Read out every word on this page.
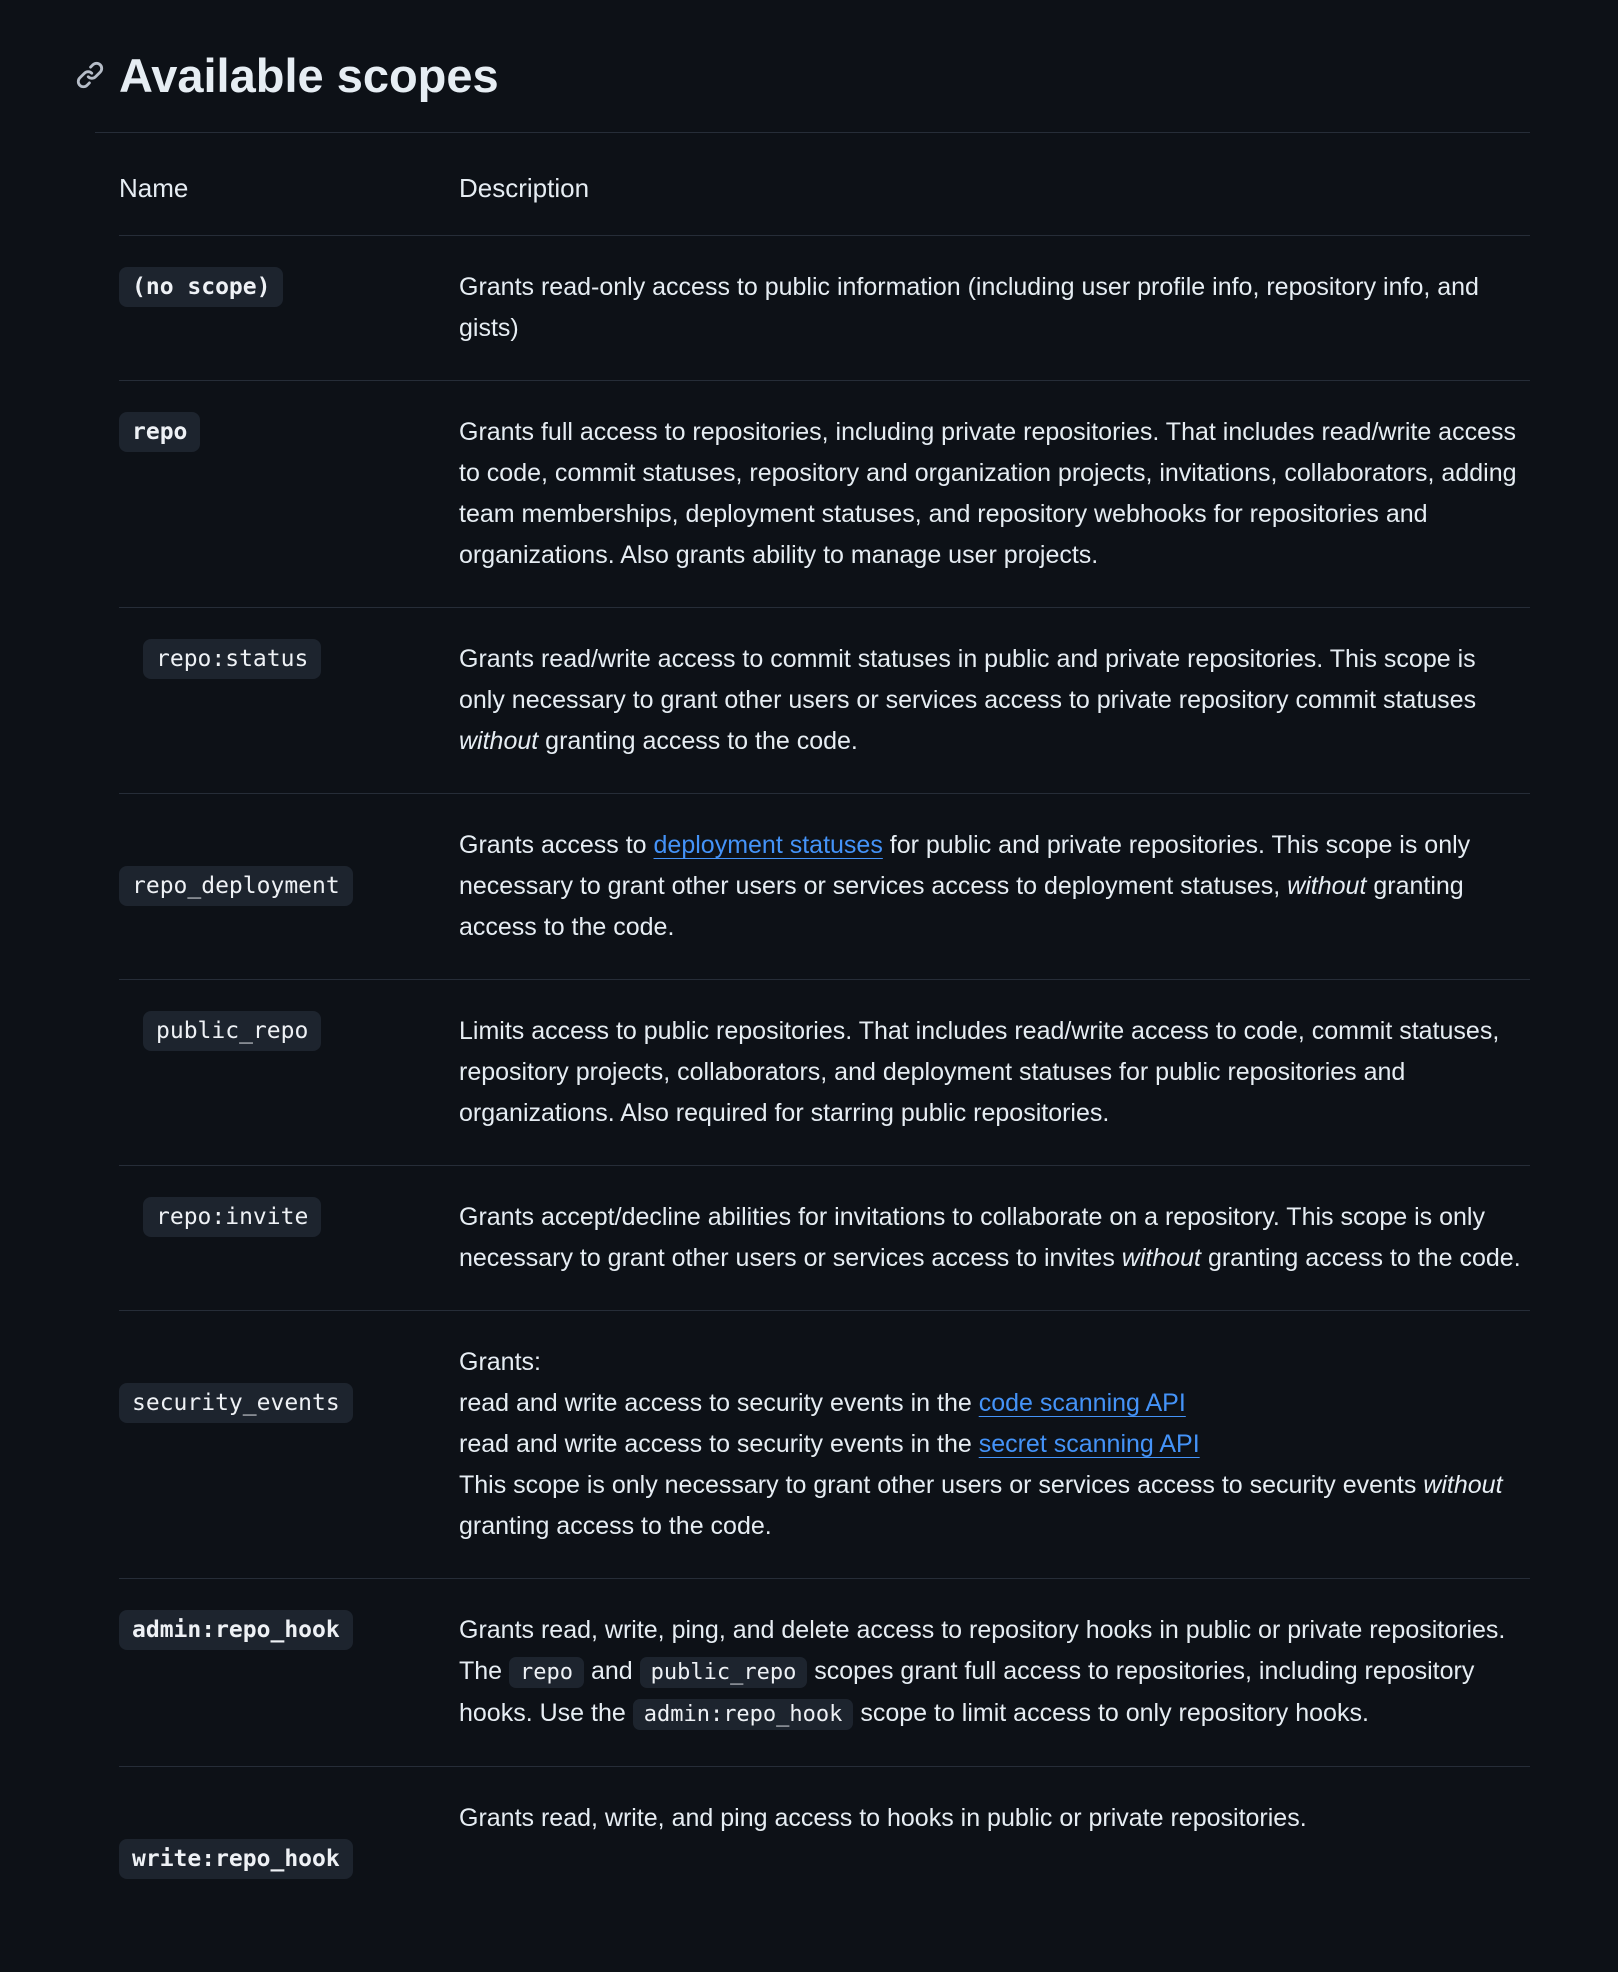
Available scopes
Name	Description
(no scope)	Grants read-only access to public information (including user profile info, repository info, and gists)
repo	Grants full access to repositories, including private repositories. That includes read/write access to code, commit statuses, repository and organization projects, invitations, collaborators, adding team memberships, deployment statuses, and repository webhooks for repositories and organizations. Also grants ability to manage user projects.
repo:status	Grants read/write access to commit statuses in public and private repositories. This scope is only necessary to grant other users or services access to private repository commit statuses without granting access to the code.
repo_deployment	Grants access to deployment statuses for public and private repositories. This scope is only necessary to grant other users or services access to deployment statuses, without granting access to the code.
public_repo	Limits access to public repositories. That includes read/write access to code, commit statuses, repository projects, collaborators, and deployment statuses for public repositories and organizations. Also required for starring public repositories.
repo:invite	Grants accept/decline abilities for invitations to collaborate on a repository. This scope is only necessary to grant other users or services access to invites without granting access to the code.
security_events	Grants:
read and write access to security events in the code scanning API
read and write access to security events in the secret scanning API
This scope is only necessary to grant other users or services access to security events without granting access to the code.
admin:repo_hook	Grants read, write, ping, and delete access to repository hooks in public or private repositories. The repo and public_repo scopes grant full access to repositories, including repository hooks. Use the admin:repo_hook scope to limit access to only repository hooks.
write:repo_hook	Grants read, write, and ping access to hooks in public or private repositories.
